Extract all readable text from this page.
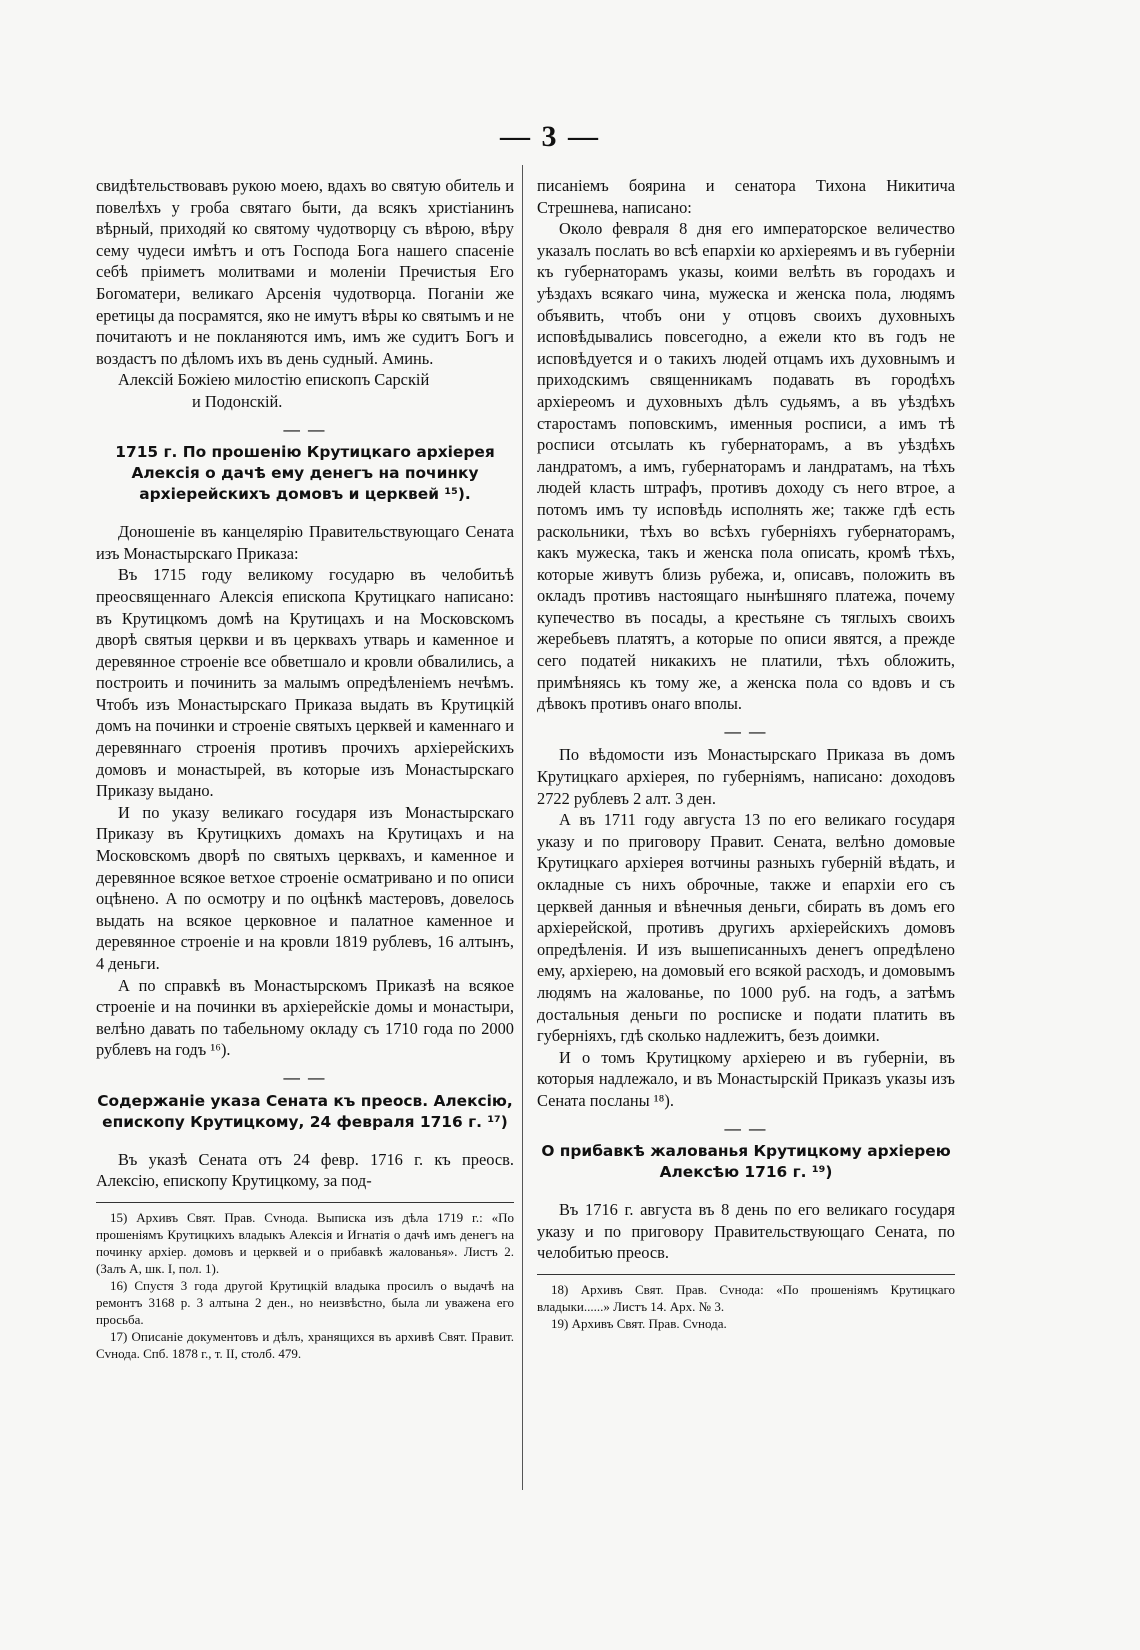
— 3 —

свидѣтельствовавъ рукою моею, вдахъ во святую обитель и повелѣхъ у гроба святаго быти, да всякъ христіанинъ вѣрный, приходяй ко святому чудотворцу съ вѣрою, вѣру сему чудеси имѣтъ и отъ Господа Бога нашего спасеніе себѣ пріиметъ молитвами и моленіи Пречистыя Его Богоматери, великаго Арсенія чудотворца. Поганіи же еретицы да посрамятся, яко не имутъ вѣры ко святымъ и не почитаютъ и не покланяются имъ, имъ же судитъ Богъ и воздастъ по дѣломъ ихъ въ день судный. Аминь.

Алексій Божіею милостію епископъ Сарскій

и Подонскій.

— —
1715 г. По прошенію Крутицкаго архіерея Алексія о дачѣ ему денегъ на починку архіерейскихъ домовъ и церквей ¹⁵).

Доношеніе въ канцелярію Правительствующаго Сената изъ Монастырскаго Приказа:

Въ 1715 году великому государю въ челобитьѣ преосвященнаго Алексія епископа Крутицкаго написано: въ Крутицкомъ домѣ на Крутицахъ и на Московскомъ дворѣ святыя церкви и въ церквахъ утварь и каменное и деревянное строеніе все обветшало и кровли обвалились, а построить и починить за малымъ опредѣленіемъ нечѣмъ. Чтобъ изъ Монастырскаго Приказа выдать въ Крутицкій домъ на починки и строеніе святыхъ церквей и каменнаго и деревяннаго строенія противъ прочихъ архіерейскихъ домовъ и монастырей, въ которые изъ Монастырскаго Приказу выдано.

И по указу великаго государя изъ Монастырскаго Приказу въ Крутицкихъ домахъ на Крутицахъ и на Московскомъ дворѣ по святыхъ церквахъ, и каменное и деревянное всякое ветхое строеніе осматривано и по описи оцѣнено. А по осмотру и по оцѣнкѣ мастеровъ, довелось выдать на всякое церковное и палатное каменное и деревянное строеніе и на кровли 1819 рублевъ, 16 алтынъ, 4 деньги.

А по справкѣ въ Монастырскомъ Приказѣ на всякое строеніе и на починки въ архіерейскіе домы и монастыри, велѣно давать по табельному окладу съ 1710 года по 2000 рублевъ на годъ ¹⁶).

— —
Содержаніе указа Сената къ преосв. Алексію, епископу Крутицкому, 24 февраля 1716 г. ¹⁷)

Въ указѣ Сената отъ 24 февр. 1716 г. къ преосв. Алексію, епископу Крутицкому, за под-

15) Архивъ Свят. Прав. Сvнода. Выписка изъ дѣла 1719 г.: «По прошеніямъ Крутицкихъ владыкъ Алексія и Игнатія о дачѣ имъ денегъ на починку архіер. домовъ и церквей и о прибавкѣ жалованья». Листъ 2. (Залъ А, шк. I, пол. 1).

16) Спустя 3 года другой Крутицкій владыка просилъ о выдачѣ на ремонтъ 3168 р. 3 алтына 2 ден., но неизвѣстно, была ли уважена его просьба.

17) Описаніе документовъ и дѣлъ, хранящихся въ архивѣ Свят. Правит. Сvнода. Спб. 1878 г., т. II, столб. 479.

писаніемъ боярина и сенатора Тихона Никитича Стрешнева, написано:

Около февраля 8 дня его императорское величество указалъ послать во всѣ епархіи ко архіереямъ и въ губерніи къ губернаторамъ указы, коими велѣть въ городахъ и уѣздахъ всякаго чина, мужеска и женска пола, людямъ объявить, чтобъ они у отцовъ своихъ духовныхъ исповѣдывались повсегодно, а ежели кто въ годъ не исповѣдуется и о такихъ людей отцамъ ихъ духовнымъ и приходскимъ священникамъ подавать въ городѣхъ архіереомъ и духовныхъ дѣлъ судьямъ, а въ уѣздѣхъ старостамъ поповскимъ, именныя росписи, а имъ тѣ росписи отсылать къ губернаторамъ, а въ уѣздѣхъ ландратомъ, а имъ, губернаторамъ и ландратамъ, на тѣхъ людей класть штрафъ, противъ доходу съ него втрое, а потомъ имъ ту исповѣдь исполнять же; также гдѣ есть раскольники, тѣхъ во всѣхъ губерніяхъ губернаторамъ, какъ мужеска, такъ и женска пола описать, кромѣ тѣхъ, которые живутъ близь рубежа, и, описавъ, положить въ окладъ противъ настоящаго нынѣшняго платежа, почему купечество въ посады, а крестьяне съ тяглыхъ своихъ жеребьевъ платятъ, а которые по описи явятся, а прежде сего податей никакихъ не платили, тѣхъ обложить, примѣняясь къ тому же, а женска пола со вдовъ и съ дѣвокъ противъ онаго вполы.

— —

По вѣдомости изъ Монастырскаго Приказа въ домъ Крутицкаго архіерея, по губерніямъ, написано: доходовъ 2722 рублевъ 2 алт. 3 ден.

А въ 1711 году августа 13 по его великаго государя указу и по приговору Правит. Сената, велѣно домовые Крутицкаго архіерея вотчины разныхъ губерній вѣдать, и окладные съ нихъ оброчные, также и епархіи его съ церквей данныя и вѣнечныя деньги, сбирать въ домъ его архіерейской, противъ другихъ архіерейскихъ домовъ опредѣленія. И изъ вышеписанныхъ денегъ опредѣлено ему, архіерею, на домовый его всякой расходъ, и домовымъ людямъ на жалованье, по 1000 руб. на годъ, а затѣмъ достальныя деньги по росписке и подати платить въ губерніяхъ, гдѣ сколько надлежитъ, безъ доимки.

И о томъ Крутицкому архіерею и въ губерніи, въ которыя надлежало, и въ Монастырскій Приказъ указы изъ Сената посланы ¹⁸).

— —
О прибавкѣ жалованья Крутицкому архіерею Алексѣю 1716 г. ¹⁹)

Въ 1716 г. августа въ 8 день по его великаго государя указу и по приговору Правительствующаго Сената, по челобитью преосв.

18) Архивъ Свят. Прав. Сvнода: «По прошеніямъ Крутицкаго владыки......» Листъ 14. Арх. № 3.

19) Архивъ Свят. Прав. Сvнода.
